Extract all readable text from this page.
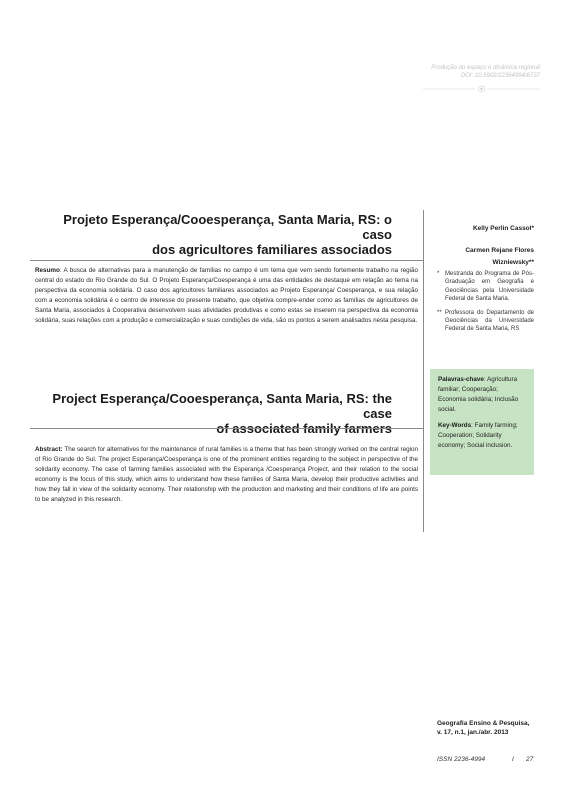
Produção do espaço e dinâmica regional
DOI: 10.5902/22364994/8737
Projeto Esperança/Cooesperança, Santa Maria, RS: o caso
dos agricultores familiares associados
Resumo: A busca de alternativas para a manutenção de famílias no campo é um tema que vem sendo fortemente trabalho na região central do estado do Rio Grande do Sul. O Projeto Esperança/Coesperança é uma das entidades de destaque em relação ao tema na perspectiva da economia solidária. O caso dos agricultores familiares associados ao Projeto Esperança/ Coesperança, e sua relação com a economia solidária é o centro de interesse do presente trabalho, que objetiva compre-ender como as famílias de agricultores de Santa Maria, associados à Cooperativa desenvolvem suas atividades produtivas e como estas se inserem na perspectiva da economia solidária, suas relações com a produção e comercialização e suas condições de vida, são os pontos a serem analisados nesta pesquisa.
Project Esperança/Cooesperança, Santa Maria, RS: the case
of associated family farmers
Abstract: The search for alternatives for the maintenance of rural families is a theme that has been strongly worked on the central region of Rio Grande do Sul. The project Esperança/Coesperança is one of the prominent entities regarding to the subject in perspective of the solidarity economy. The case of farming families associated with the Esperança /Coesperança Project, and their relation to the social economy is the focus of this study, which aims to understand how these families of Santa Maria, develop their productive activities and how they fall in view of the solidarity economy. Their relationship with the production and marketing and their conditions of life are points to be analyzed in this research.
Kelly Perlin Cassol*
Carmen Rejane Flores
Wizniewsky**
* Mestranda do Programa de Pós-Graduação em Geografia e Geociências pela Universidade Federal de Santa Maria.
** Professora do Departamento de Geociências da Universidade Federal de Santa Maria, RS
Palavras-chave: Agricultura familiar; Cooperação; Economia solidária; Inclusão social.
Key-Words: Family farming; Cooperation; Solidarity economy; Social inclusion.
Geografia Ensino & Pesquisa,
v. 17, n.1, jan./abr. 2013
ISSN 2236-4994	I 27
